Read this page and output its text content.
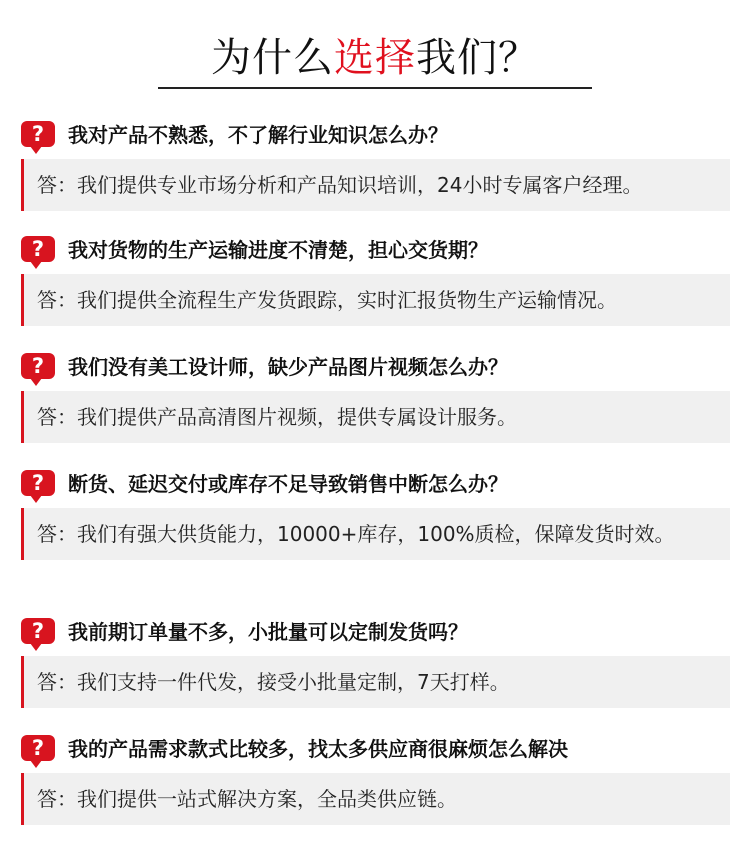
为什么选择我们？
?	我对产品不熟悉，不了解行业知识怎么办？
答： 我们提供专业市场分析和产品知识培训，24小时专属客户经理。
?	我对货物的生产运输进度不清楚，担心交货期？
答： 我们提供全流程生产发货跟踪，实时汇报货物生产运输情况。
?	我们没有美工设计师，缺少产品图片视频怎么办？
答： 我们提供产品高清图片视频，提供专属设计服务。
?	断货、延迟交付或库存不足导致销售中断怎么办？
答： 我们有强大供货能力，10000+库存，100%质检，保障发货时效。
?	我前期订单量不多，小批量可以定制发货吗？
答： 我们支持一件代发，接受小批量定制，7天打样。
?	我的产品需求款式比较多，找太多供应商很麻烦怎么解决
答： 我们提供一站式解决方案，全品类供应链。
